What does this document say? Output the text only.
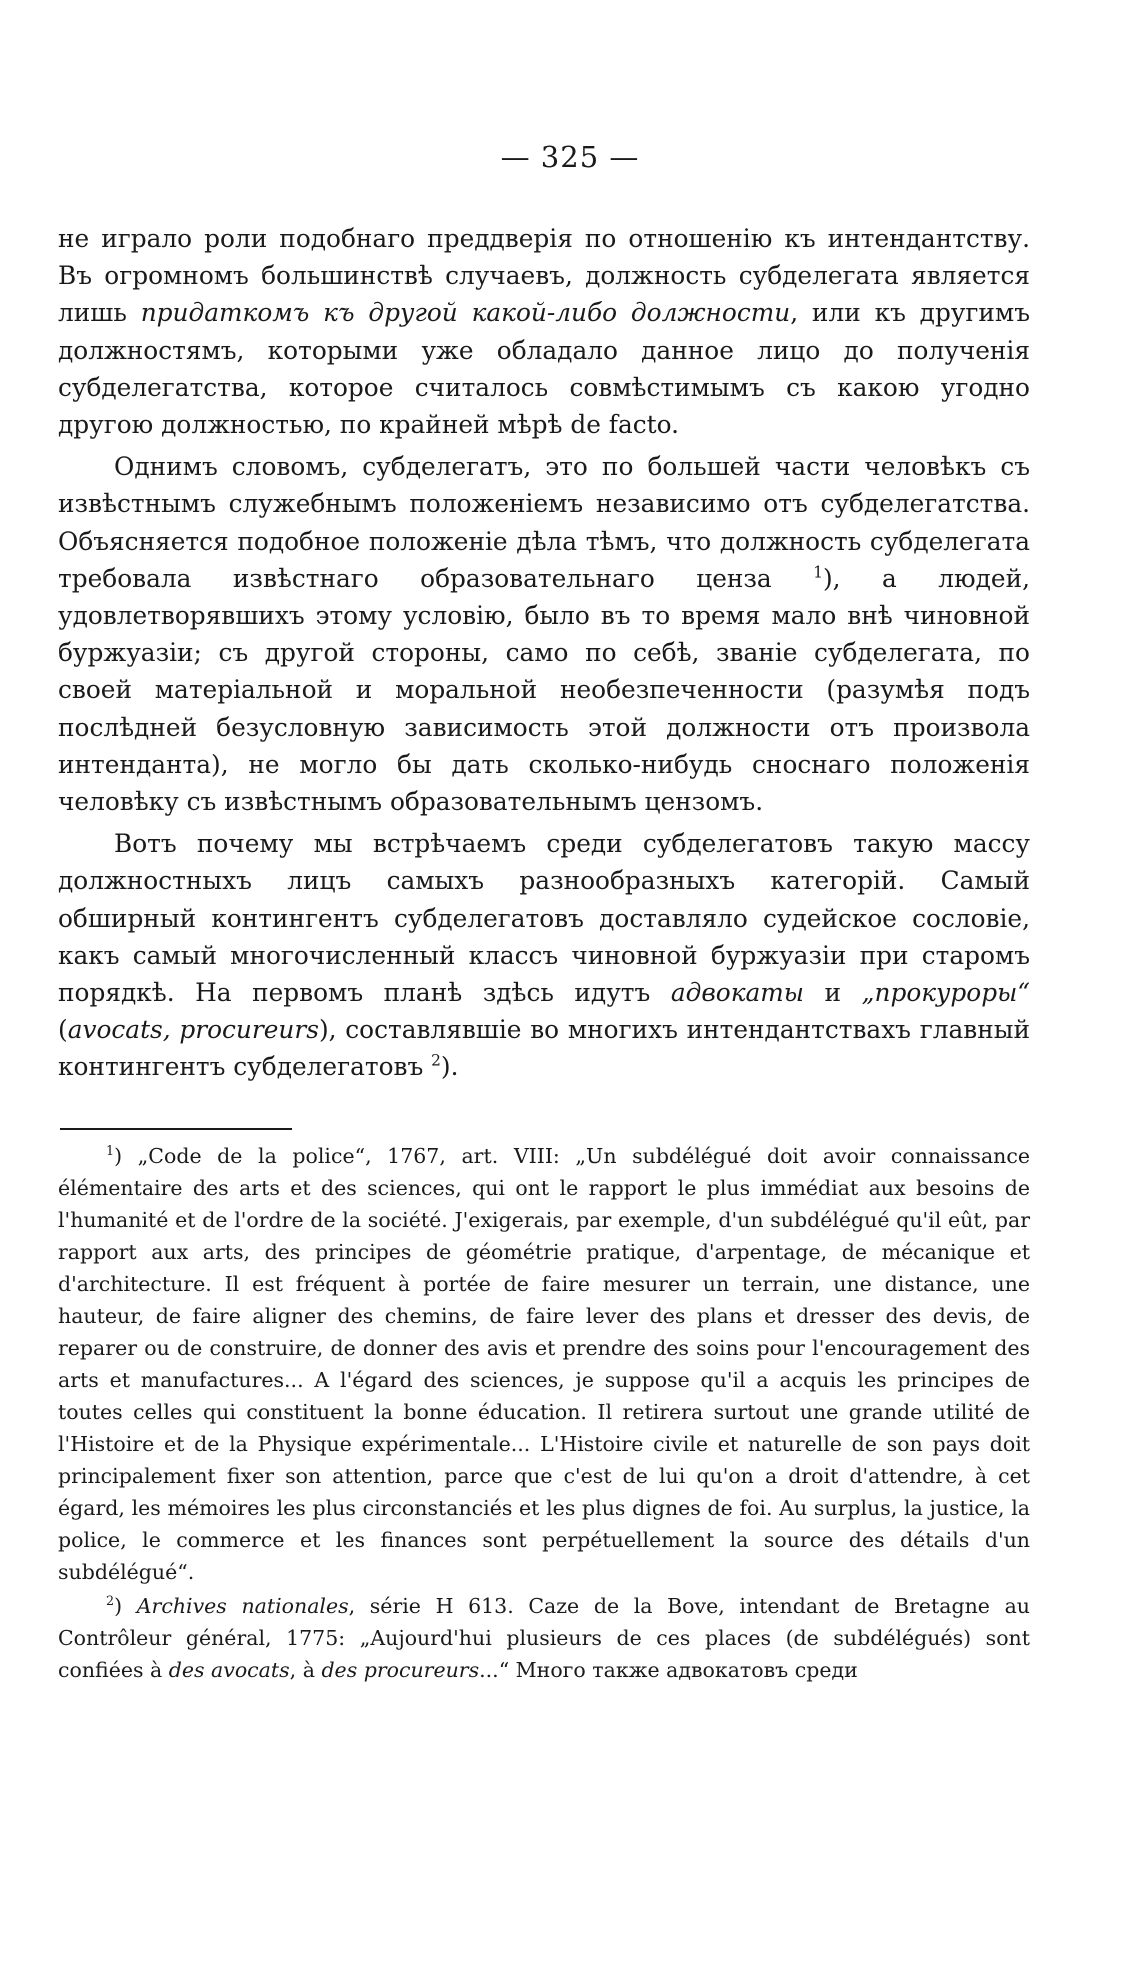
— 325 —

не играло роли подобнаго преддверія по отношенію къ интендантству. Въ огромномъ большинствѣ случаевъ, должность субделегата является лишь придаткомъ къ другой какой-либо должности, или къ другимъ должностямъ, которыми уже обладало данное лицо до полученія субделегатства, которое считалось совмѣстимымъ съ какою угодно другою должностью, по крайней мѣрѣ de facto.

Однимъ словомъ, субделегатъ, это по большей части человѣкъ съ извѣстнымъ служебнымъ положеніемъ независимо отъ субделегатства. Объясняется подобное положеніе дѣла тѣмъ, что должность субделегата требовала извѣстнаго образовательнаго ценза $^1$), а людей, удовлетворявшихъ этому условію, было въ то время мало внѣ чиновной буржуазіи; съ другой стороны, само по себѣ, званіе субделегата, по своей матеріальной и моральной необезпеченности (разумѣя подъ послѣдней безусловную зависимость этой должности отъ произвола интенданта), не могло бы дать сколько-нибудь сноснаго положенія человѣку съ извѣстнымъ образовательнымъ цензомъ.

Вотъ почему мы встрѣчаемъ среди субделегатовъ такую массу должностныхъ лицъ самыхъ разнообразныхъ категорій. Самый обширный контингентъ субделегатовъ доставляло судейское сословіе, какъ самый многочисленный классъ чиновной буржуазіи при старомъ порядкѣ. На первомъ планѣ здѣсь идутъ адвокаты и „прокуроры“ (avocats, procureurs), составлявшіе во многихъ интендантствахъ главный контингентъ субделегатовъ $^2$).

$^1$) „Code de la police“, 1767, art. VIII: „Un subdélégué doit avoir connaissance élémentaire des arts et des sciences, qui ont le rapport le plus immédiat aux besoins de l'humanité et de l'ordre de la société. J'exigerais, par exemple, d'un subdélégué qu'il eût, par rapport aux arts, des principes de géométrie pratique, d'arpentage, de mécanique et d'architecture. Il est fréquent à portée de faire mesurer un terrain, une distance, une hauteur, de faire aligner des chemins, de faire lever des plans et dresser des devis, de reparer ou de construire, de donner des avis et prendre des soins pour l'encouragement des arts et manufactures... A l'égard des sciences, je suppose qu'il a acquis les principes de toutes celles qui constituent la bonne éducation. Il retirera surtout une grande utilité de l'Histoire et de la Physique expérimentale... L'Histoire civile et naturelle de son pays doit principalement fixer son attention, parce que c'est de lui qu'on a droit d'attendre, à cet égard, les mémoires les plus circonstanciés et les plus dignes de foi. Au surplus, la justice, la police, le commerce et les finances sont perpétuellement la source des détails d'un subdélégué“.

$^2$) Archives nationales, série H 613. Caze de la Bove, intendant de Bretagne au Contrôleur général, 1775: „Aujourd'hui plusieurs de ces places (de subdélégués) sont confiées à des avocats, à des procureurs...“ Много также адвокатовъ среди
